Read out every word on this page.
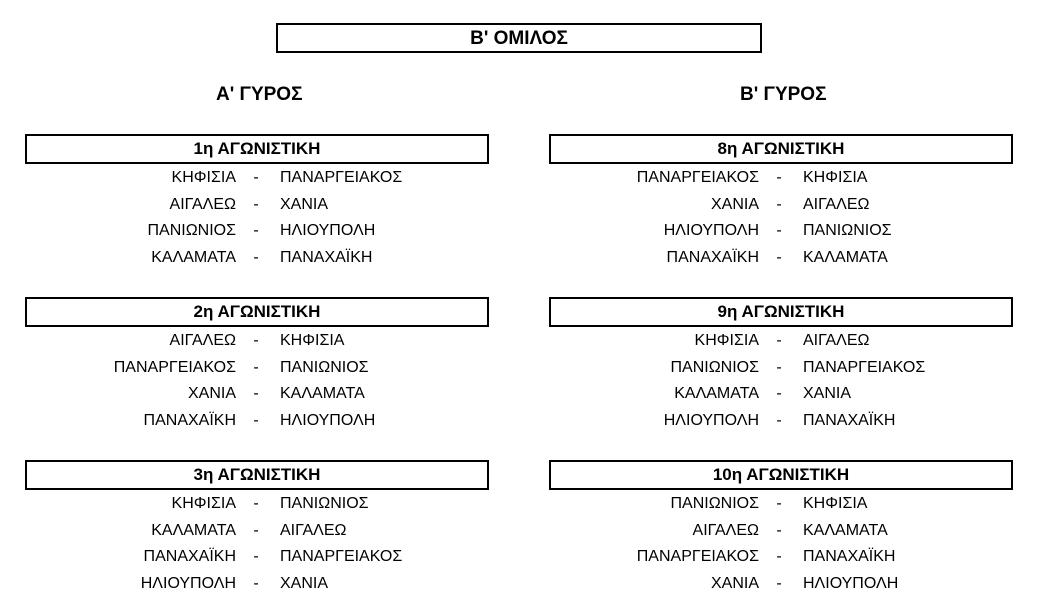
Β' ΟΜΙΛΟΣ
Α' ΓΥΡΟΣ	Β' ΓΥΡΟΣ
1η ΑΓΩΝΙΣΤΙΚΗ
ΚΗΦΙΣΙΑ - ΠΑΝΑΡΓΕΙΑΚΟΣ
ΑΙΓΑΛΕΩ - ΧΑΝΙΑ
ΠΑΝΙΩΝΙΟΣ - ΗΛΙΟΥΠΟΛΗ
ΚΑΛΑΜΑΤΑ - ΠΑΝΑΧΑΪΚΗ
8η ΑΓΩΝΙΣΤΙΚΗ
ΠΑΝΑΡΓΕΙΑΚΟΣ - ΚΗΦΙΣΙΑ
ΧΑΝΙΑ - ΑΙΓΑΛΕΩ
ΗΛΙΟΥΠΟΛΗ - ΠΑΝΙΩΝΙΟΣ
ΠΑΝΑΧΑΪΚΗ - ΚΑΛΑΜΑΤΑ
2η ΑΓΩΝΙΣΤΙΚΗ
ΑΙΓΑΛΕΩ - ΚΗΦΙΣΙΑ
ΠΑΝΑΡΓΕΙΑΚΟΣ - ΠΑΝΙΩΝΙΟΣ
ΧΑΝΙΑ - ΚΑΛΑΜΑΤΑ
ΠΑΝΑΧΑΪΚΗ - ΗΛΙΟΥΠΟΛΗ
9η ΑΓΩΝΙΣΤΙΚΗ
ΚΗΦΙΣΙΑ - ΑΙΓΑΛΕΩ
ΠΑΝΙΩΝΙΟΣ - ΠΑΝΑΡΓΕΙΑΚΟΣ
ΚΑΛΑΜΑΤΑ - ΧΑΝΙΑ
ΗΛΙΟΥΠΟΛΗ - ΠΑΝΑΧΑΪΚΗ
3η ΑΓΩΝΙΣΤΙΚΗ
ΚΗΦΙΣΙΑ - ΠΑΝΙΩΝΙΟΣ
ΚΑΛΑΜΑΤΑ - ΑΙΓΑΛΕΩ
ΠΑΝΑΧΑΪΚΗ - ΠΑΝΑΡΓΕΙΑΚΟΣ
ΗΛΙΟΥΠΟΛΗ - ΧΑΝΙΑ
10η ΑΓΩΝΙΣΤΙΚΗ
ΠΑΝΙΩΝΙΟΣ - ΚΗΦΙΣΙΑ
ΑΙΓΑΛΕΩ - ΚΑΛΑΜΑΤΑ
ΠΑΝΑΡΓΕΙΑΚΟΣ - ΠΑΝΑΧΑΪΚΗ
ΧΑΝΙΑ - ΗΛΙΟΥΠΟΛΗ
